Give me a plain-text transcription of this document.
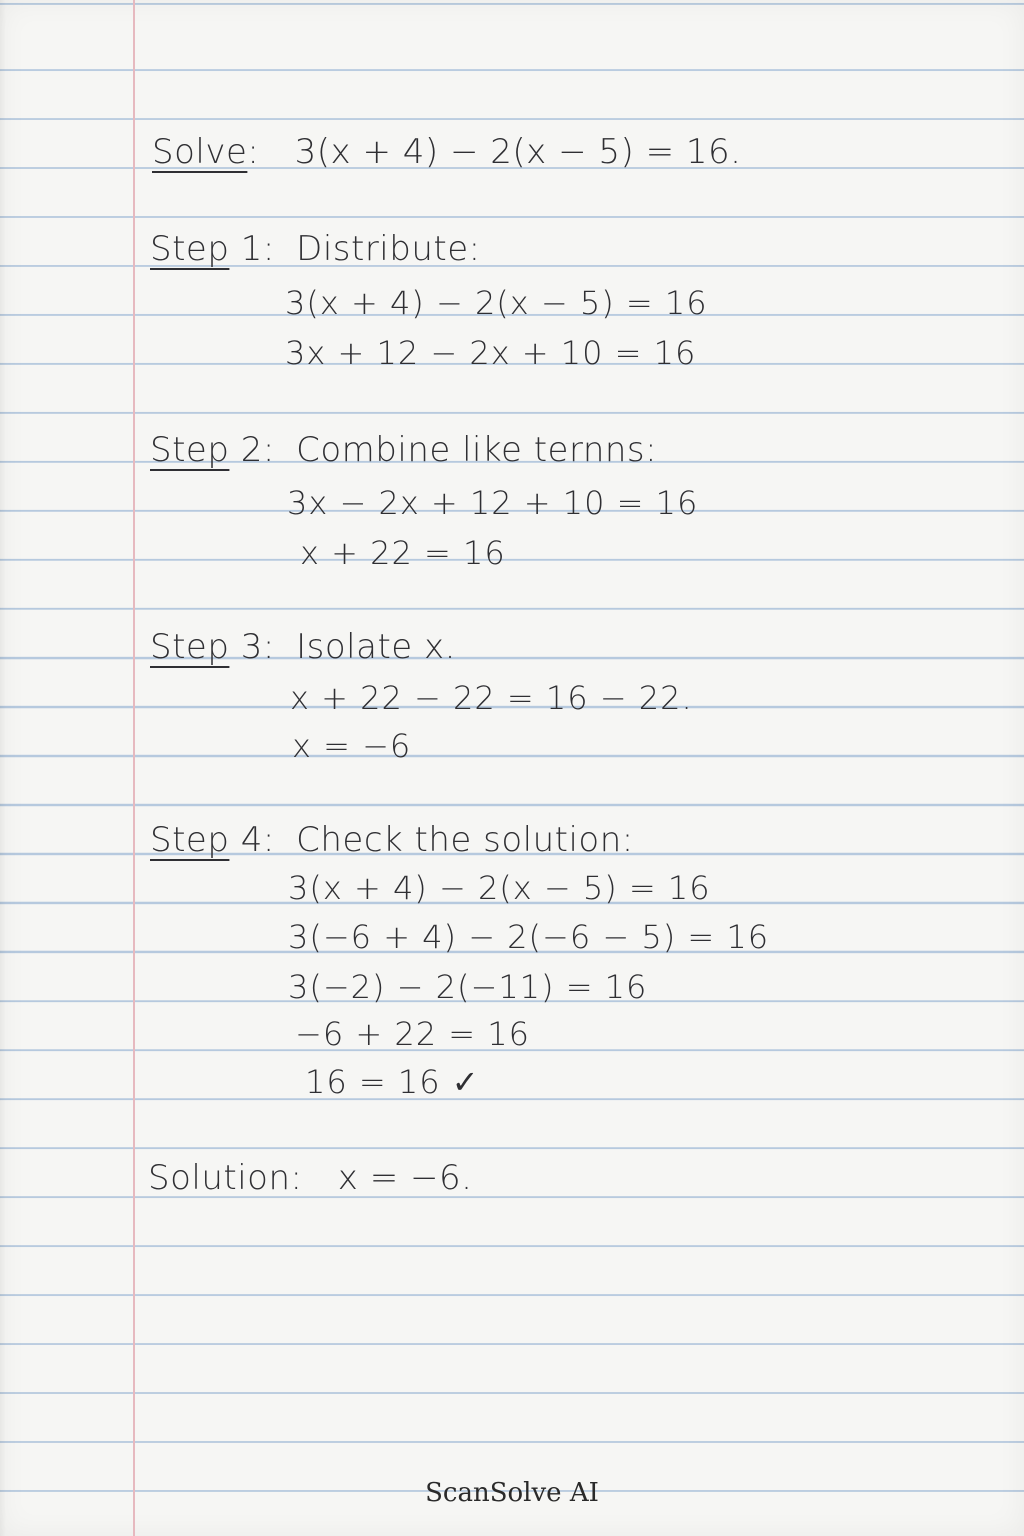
Solve: 3(x + 4) − 2(x − 5) = 16.
Step 1: Distribute:
3(x + 4) − 2(x − 5) = 16
3x + 12 − 2x + 10 = 16
Step 2: Combine like ternns:
3x − 2x + 12 + 10 = 16
x + 22 = 16
Step 3: Isolate x.
x + 22 − 22 = 16 − 22.
x = −6
Step 4: Check the solution:
3(x + 4) − 2(x − 5) = 16
3(−6 + 4) − 2(−6 − 5) = 16
3(−2) − 2(−11) = 16
−6 + 22 = 16
16 = 16 ✓
Solution: x = −6.
ScanSolve AI
